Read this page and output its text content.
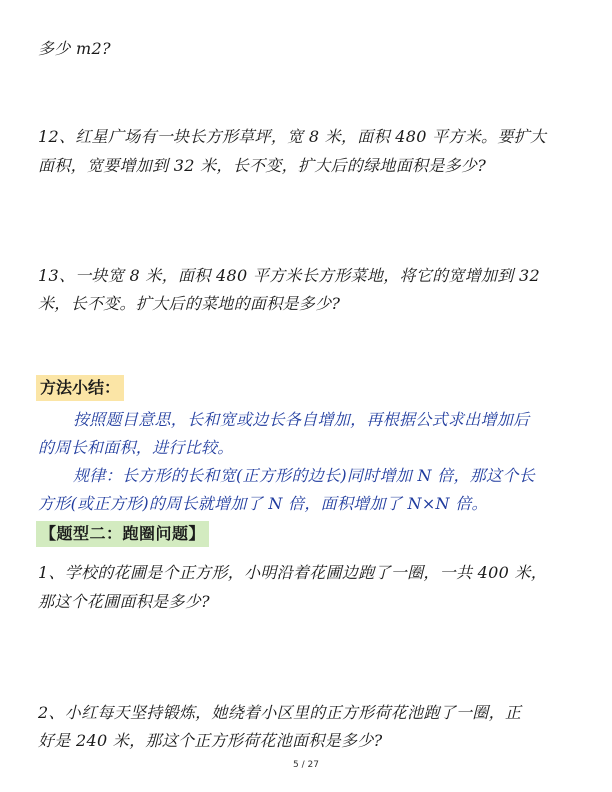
多少 m2?
12、红星广场有一块长方形草坪，宽 8 米，面积 480 平方米。要扩大
面积，宽要增加到 32 米，长不变，扩大后的绿地面积是多少?
13、一块宽 8 米，面积 480 平方米长方形菜地，将它的宽增加到 32
米，长不变。扩大后的菜地的面积是多少?
方法小结：
按照题目意思，长和宽或边长各自增加，再根据公式求出增加后
的周长和面积，进行比较。
规律：长方形的长和宽(正方形的边长)同时增加 N 倍，那这个长
方形(或正方形)的周长就增加了 N 倍，面积增加了 N×N 倍。
【题型二：跑圈问题】
1、学校的花圃是个正方形，小明沿着花圃边跑了一圈，一共 400 米，
那这个花圃面积是多少?
2、小红每天坚持锻炼，她绕着小区里的正方形荷花池跑了一圈，正
好是 240 米，那这个正方形荷花池面积是多少?
5 / 27
